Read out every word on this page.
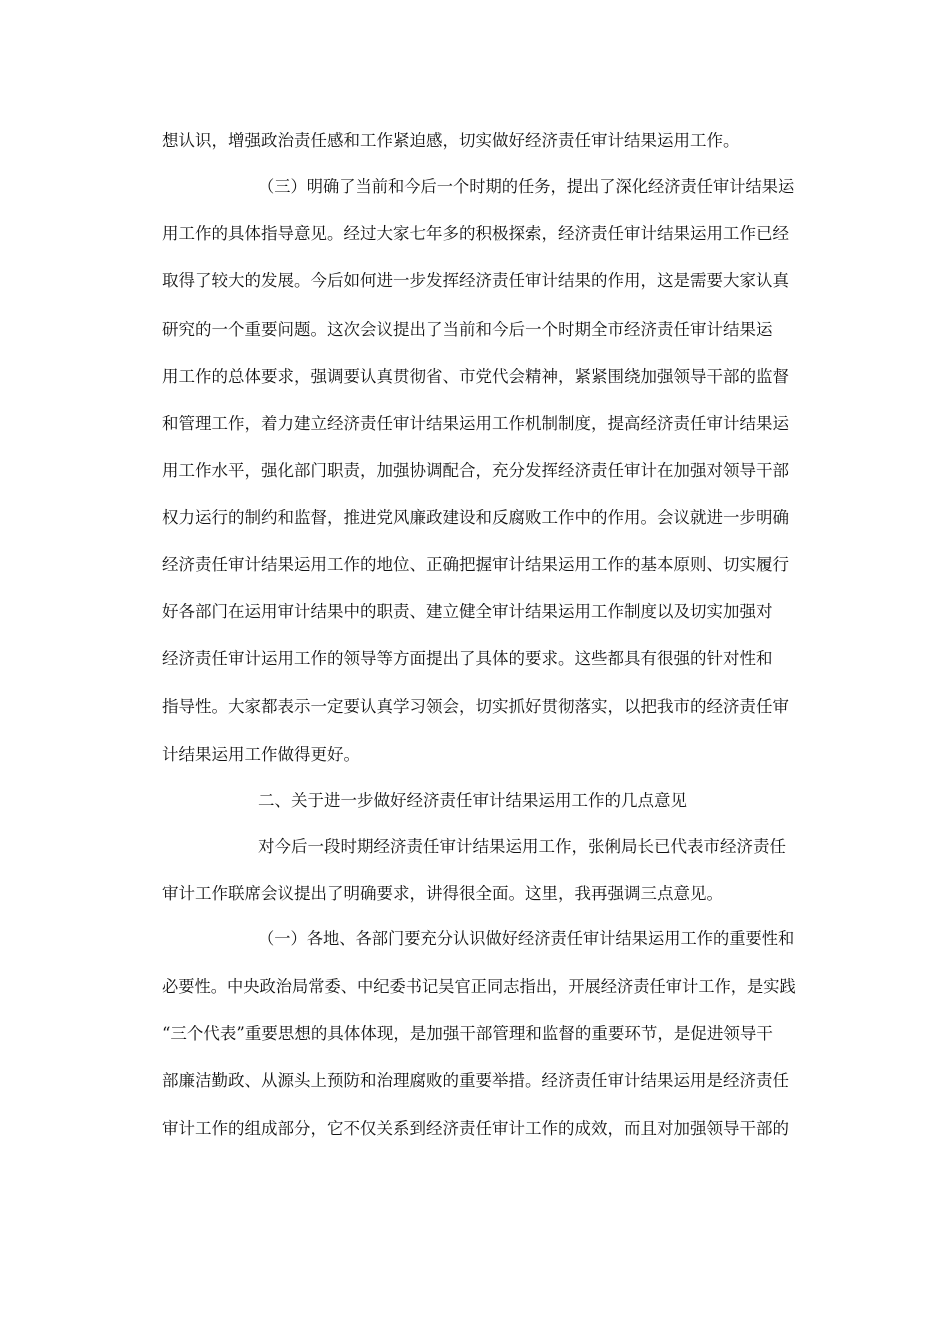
想认识，增强政治责任感和工作紧迫感，切实做好经济责任审计结果运用工作。
（三）明确了当前和今后一个时期的任务，提出了深化经济责任审计结果运
用工作的具体指导意见。经过大家七年多的积极探索，经济责任审计结果运用工作已经
取得了较大的发展。今后如何进一步发挥经济责任审计结果的作用，这是需要大家认真
研究的一个重要问题。这次会议提出了当前和今后一个时期全市经济责任审计结果运
用工作的总体要求，强调要认真贯彻省、市党代会精神，紧紧围绕加强领导干部的监督
和管理工作，着力建立经济责任审计结果运用工作机制制度，提高经济责任审计结果运
用工作水平，强化部门职责，加强协调配合，充分发挥经济责任审计在加强对领导干部
权力运行的制约和监督，推进党风廉政建设和反腐败工作中的作用。会议就进一步明确
经济责任审计结果运用工作的地位、正确把握审计结果运用工作的基本原则、切实履行
好各部门在运用审计结果中的职责、建立健全审计结果运用工作制度以及切实加强对
经济责任审计运用工作的领导等方面提出了具体的要求。这些都具有很强的针对性和
指导性。大家都表示一定要认真学习领会，切实抓好贯彻落实，以把我市的经济责任审
计结果运用工作做得更好。
二、关于进一步做好经济责任审计结果运用工作的几点意见
对今后一段时期经济责任审计结果运用工作，张俐局长已代表市经济责任
审计工作联席会议提出了明确要求，讲得很全面。这里，我再强调三点意见。
（一）各地、各部门要充分认识做好经济责任审计结果运用工作的重要性和
必要性。中央政治局常委、中纪委书记吴官正同志指出，开展经济责任审计工作，是实践
“三个代表”重要思想的具体体现，是加强干部管理和监督的重要环节，是促进领导干
部廉洁勤政、从源头上预防和治理腐败的重要举措。经济责任审计结果运用是经济责任
审计工作的组成部分，它不仅关系到经济责任审计工作的成效，而且对加强领导干部的
